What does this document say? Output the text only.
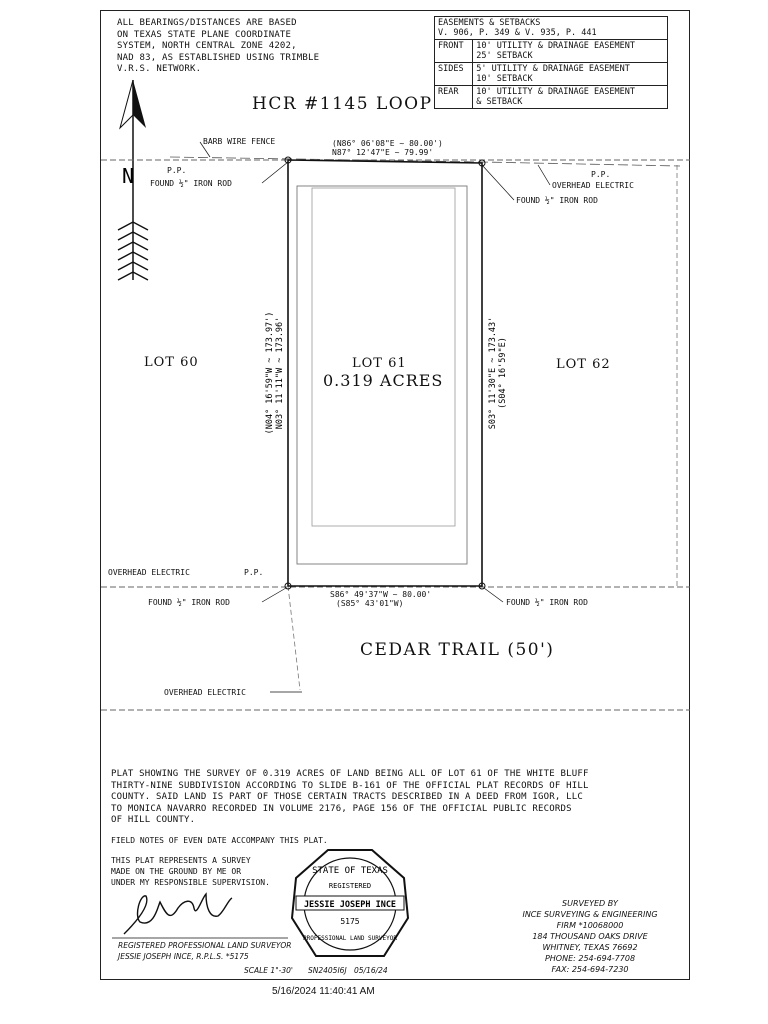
ALL BEARINGS/DISTANCES ARE BASED
ON TEXAS STATE PLANE COORDINATE
SYSTEM, NORTH CENTRAL ZONE 4202,
NAD 83, AS ESTABLISHED USING TRIMBLE
V.R.S. NETWORK.
EASEMENTS & SETBACKS
V. 906, P. 349 & V. 935, P. 441	

FRONT	10' UTILITY & DRAINAGE EASEMENT
25' SETBACK

SIDES	5' UTILITY & DRAINAGE EASEMENT
10' SETBACK

REAR	10' UTILITY & DRAINAGE EASEMENT
& SETBACK
N
(N04° 16'59"W ~ 173.97') N03° 11'11"W ~ 173.96'	S03° 11'30"E ~ 173.43' (S04° 16'59"E)
HCR #1145 LOOP
CEDAR TRAIL (50')
LOT 60	LOT 62
LOT 61
0.319 ACRES
BARB WIRE FENCE	(N86° 06'08"E ~ 80.00')
N87° 12'47"E ~ 79.99'
P.P.
FOUND ½" IRON ROD
P.P.
OVERHEAD ELECTRIC
FOUND ½" IRON ROD
OVERHEAD ELECTRIC	P.P.
FOUND ½" IRON ROD	FOUND ½" IRON ROD
S86° 49'37"W ~ 80.00'
(S85° 43'01"W)
OVERHEAD ELECTRIC
PLAT SHOWING THE SURVEY OF 0.319 ACRES OF LAND BEING ALL OF LOT 61 OF THE WHITE BLUFF
THIRTY-NINE SUBDIVISION ACCORDING TO SLIDE B-161 OF THE OFFICIAL PLAT RECORDS OF HILL
COUNTY. SAID LAND IS PART OF THOSE CERTAIN TRACTS DESCRIBED IN A DEED FROM IGOR, LLC
TO MONICA NAVARRO RECORDED IN VOLUME 2176, PAGE 156 OF THE OFFICIAL PUBLIC RECORDS
OF HILL COUNTY.
FIELD NOTES OF EVEN DATE ACCOMPANY THIS PLAT.
THIS PLAT REPRESENTS A SURVEY
MADE ON THE GROUND BY ME OR
UNDER MY RESPONSIBLE SUPERVISION.
REGISTERED PROFESSIONAL LAND SURVEYOR
JESSIE JOSEPH INCE, R.P.L.S. *5175
SCALE 1"-30' SN2405I6J 05/16/24
JESSIE JOSEPH INCE
STATE OF TEXAS
REGISTERED
5175
PROFESSIONAL LAND SURVEYOR
SURVEYED BY
INCE SURVEYING & ENGINEERING
FIRM *10068000
184 THOUSAND OAKS DRIVE
WHITNEY, TEXAS 76692
PHONE: 254-694-7708
FAX: 254-694-7230
5/16/2024 11:40:41 AM
